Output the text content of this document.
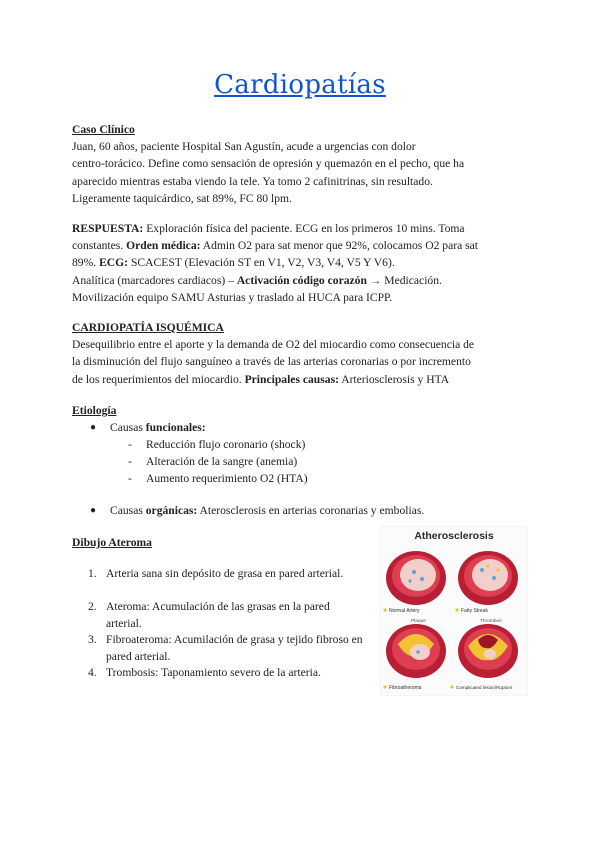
Cardiopatías
Caso Clínico
Juan, 60 años, paciente Hospital San Agustín, acude a urgencias con dolor
centro-torácico. Define como sensación de opresión y quemazón en el pecho, que ha
aparecido mientras estaba viendo la tele. Ya tomo 2 cafinitrinas, sin resultado.
Ligeramente taquicárdico, sat 89%, FC 80 lpm.
RESPUESTA: Exploración física del paciente. ECG en los primeros 10 mins. Toma
constantes. Orden médica: Admin O2 para sat menor que 92%, colocamos O2 para sat
89%. ECG: SCACEST (Elevación ST en V1, V2, V3, V4, V5 Y V6).
Analítica (marcadores cardiacos) – Activación código corazón → Medicación.
Movilización equipo SAMU Asturias y traslado al HUCA para ICPP.
CARDIOPATÍA ISQUÉMICA
Desequilibrio entre el aporte y la demanda de O2 del miocardio como consecuencia de
la disminución del flujo sanguíneo a través de las arterias coronarias o por incremento
de los requerimientos del miocardio. Principales causas: Arteriosclerosis y HTA
Etiología
● Causas funcionales:
- Reducción flujo coronario (shock)
- Alteración de la sangre (anemia)
- Aumento requerimiento O2 (HTA)
● Causas orgánicas: Aterosclerosis en arterias coronarias y embolias.
Dibujo Ateroma
1. Arteria sana sin depósito de grasa en pared arterial.
2. Ateroma: Acumulación de las grasas en la pared arterial.
3. Fibroateroma: Acumilación de grasa y tejido fibroso en pared arterial.
4. Trombosis: Taponamiento severo de la arteria.
Atherosclerosis
Plaque	Thrombus
Normal Artery	Fatty Streak
Fibroatheroma	Complicated lesion/Rupture
